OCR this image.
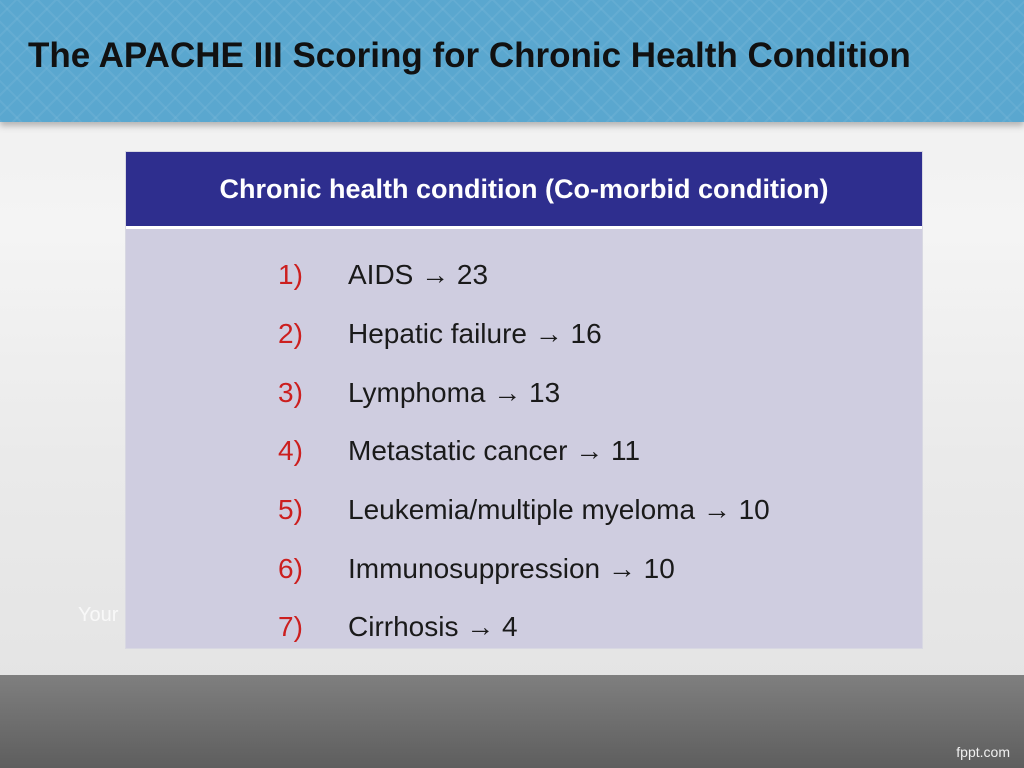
The APACHE III Scoring for Chronic Health Condition
Your
Chronic health condition (Co-morbid condition)
1)	AIDS → 23
2)	Hepatic failure → 16
3)	Lymphoma → 13
4)	Metastatic cancer → 11
5)	Leukemia/multiple myeloma → 10
6)	Immunosuppression → 10
7)	Cirrhosis → 4
fppt.com
